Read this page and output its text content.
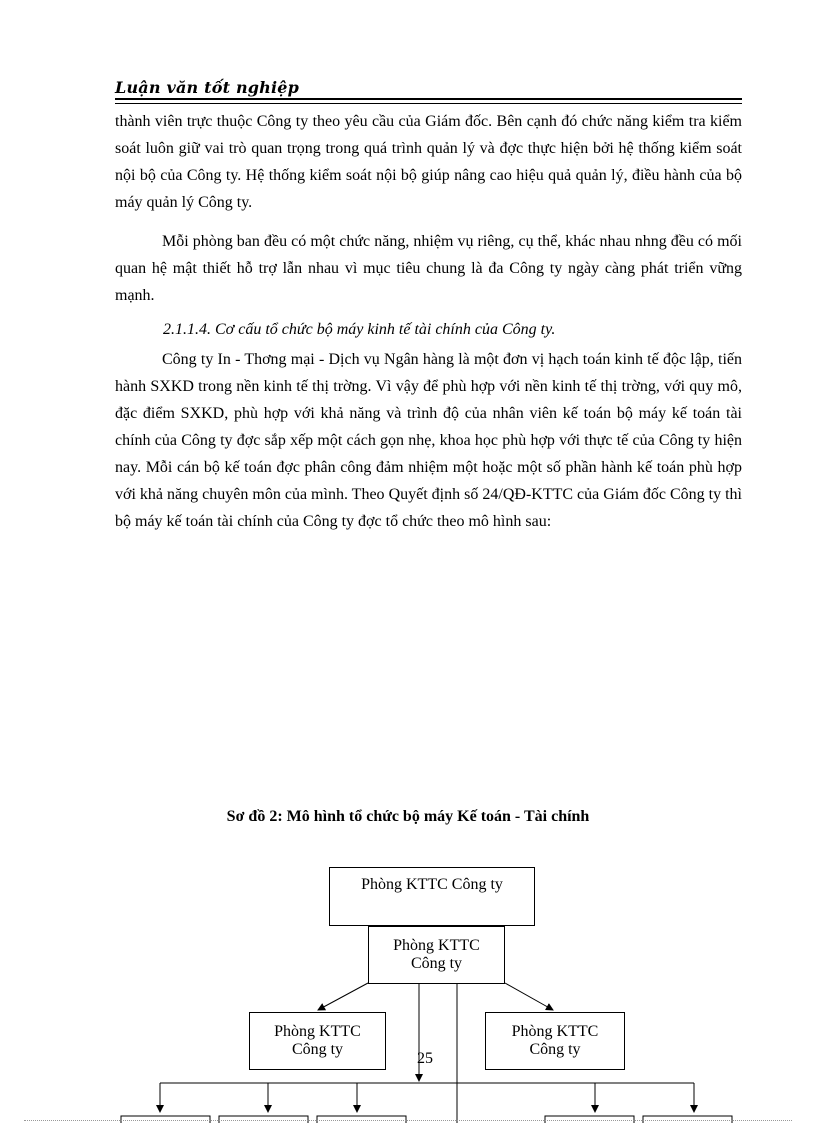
Luận văn tốt nghiệp
thành viên trực thuộc Công ty theo yêu cầu của Giám đốc. Bên cạnh đó chức năng kiểm tra kiểm soát luôn giữ vai trò quan trọng trong quá trình quản lý và đợc thực hiện bởi hệ thống kiểm soát nội bộ của Công ty. Hệ thống kiểm soát nội bộ giúp nâng cao hiệu quả quản lý, điều hành của bộ máy quản lý Công ty.
Mỗi phòng ban đều có một chức năng, nhiệm vụ riêng, cụ thể, khác nhau nhng đều có mối quan hệ mật thiết hỗ trợ lẫn nhau vì mục tiêu chung là đa Công ty ngày càng phát triển vững mạnh.
2.1.1.4. Cơ cấu tổ chức bộ máy kinh tế tài chính của Công ty.
Công ty In - Thơng mại - Dịch vụ Ngân hàng là một đơn vị hạch toán kinh tế độc lập, tiến hành SXKD trong nền kinh tế thị trờng. Vì vậy để phù hợp với nền kinh tế thị trờng, với quy mô, đặc điểm SXKD, phù hợp với khả năng và trình độ của nhân viên kế toán bộ máy kế toán tài chính của Công ty đợc sắp xếp một cách gọn nhẹ, khoa học phù hợp với thực tế của Công ty hiện nay. Mỗi cán bộ kế toán đợc phân công đảm nhiệm một hoặc một số phần hành kế toán phù hợp với khả năng chuyên môn của mình. Theo Quyết định số 24/QĐ-KTTC của Giám đốc Công ty thì bộ máy kế toán tài chính của Công ty đợc tổ chức theo mô hình sau:
Sơ đồ 2: Mô hình tổ chức bộ máy Kế toán - Tài chính
Phòng KTTC Công ty
Phòng KTTC Công ty
Phòng KTTC Công ty
Phòng KTTC Công ty
25
